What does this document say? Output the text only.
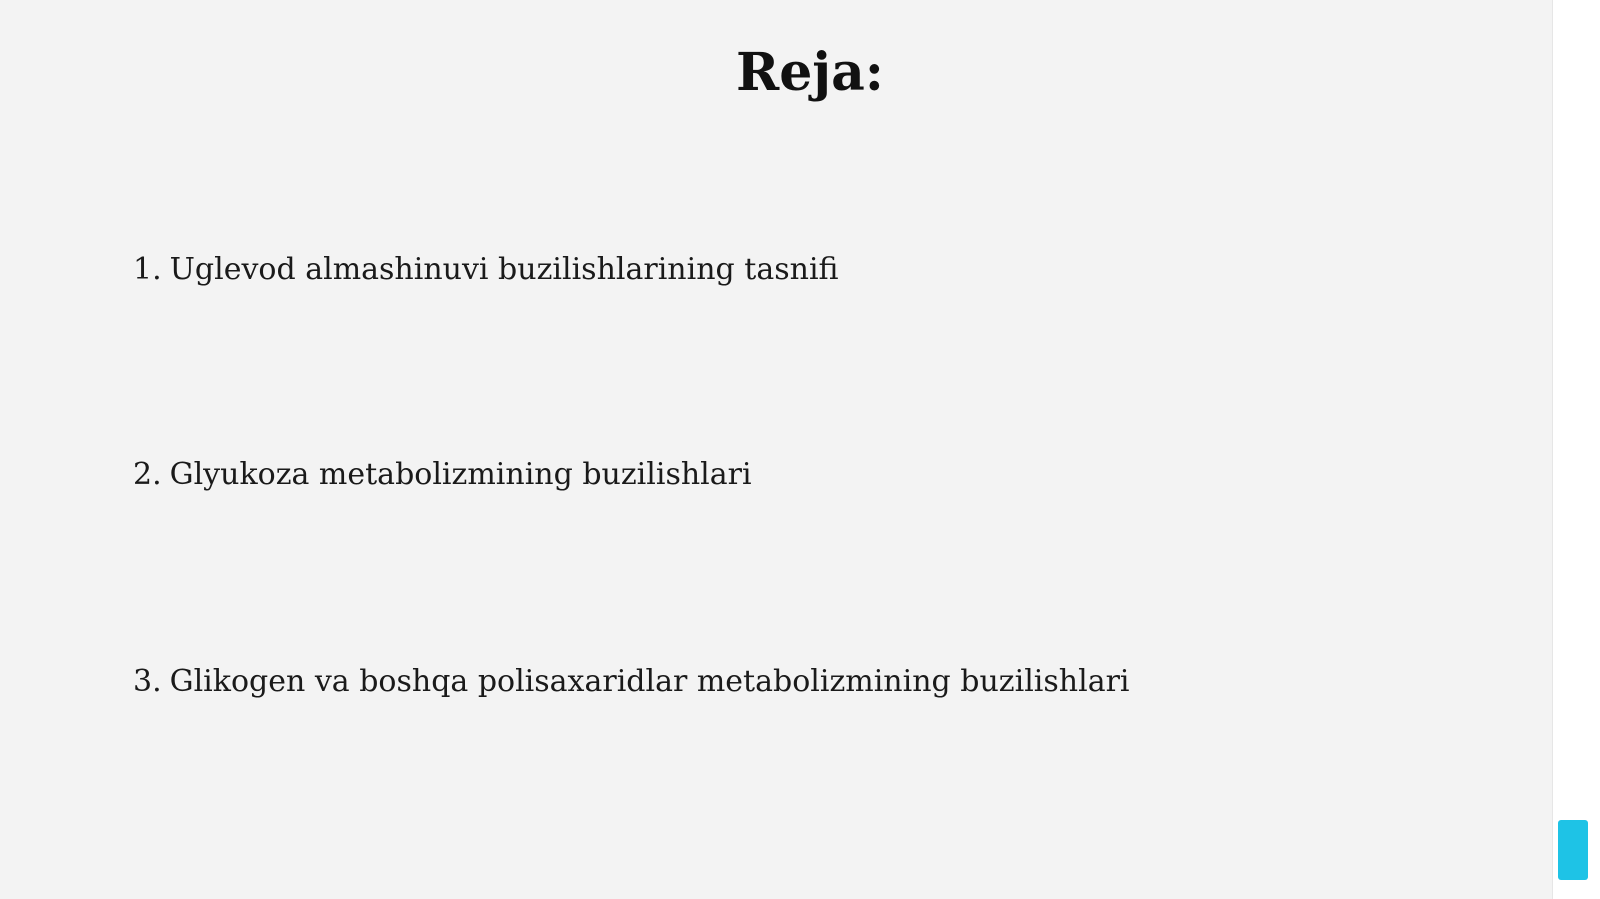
Reja:
1. Uglevod almashinuvi buzilishlarining tasnifi
2. Glyukoza metabolizmining buzilishlari
3. Glikogen va boshqa polisaxaridlar metabolizmining buzilishlari
